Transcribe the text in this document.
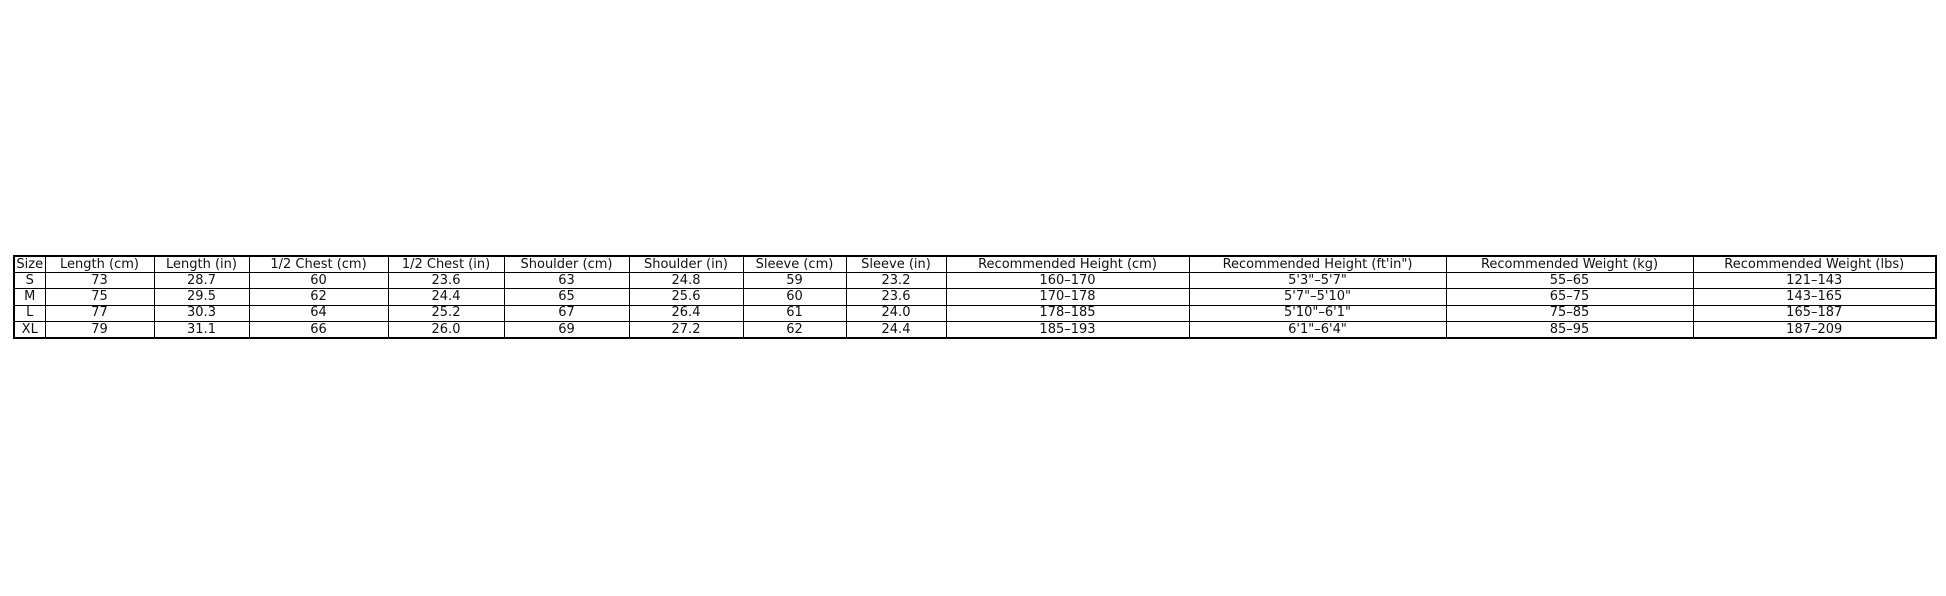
Size	Length (cm)	Length (in)	1/2 Chest (cm)	1/2 Chest (in)	Shoulder (cm)	Shoulder (in)	Sleeve (cm)	Sleeve (in)	Recommended Height (cm)	Recommended Height (ft'in")	Recommended Weight (kg)	Recommended Weight (lbs)
S	73	28.7	60	23.6	63	24.8	59	23.2	160–170	5'3"–5'7"	55–65	121–143
M	75	29.5	62	24.4	65	25.6	60	23.6	170–178	5'7"–5'10"	65–75	143–165
L	77	30.3	64	25.2	67	26.4	61	24.0	178–185	5'10"–6'1"	75–85	165–187
XL	79	31.1	66	26.0	69	27.2	62	24.4	185–193	6'1"–6'4"	85–95	187–209
